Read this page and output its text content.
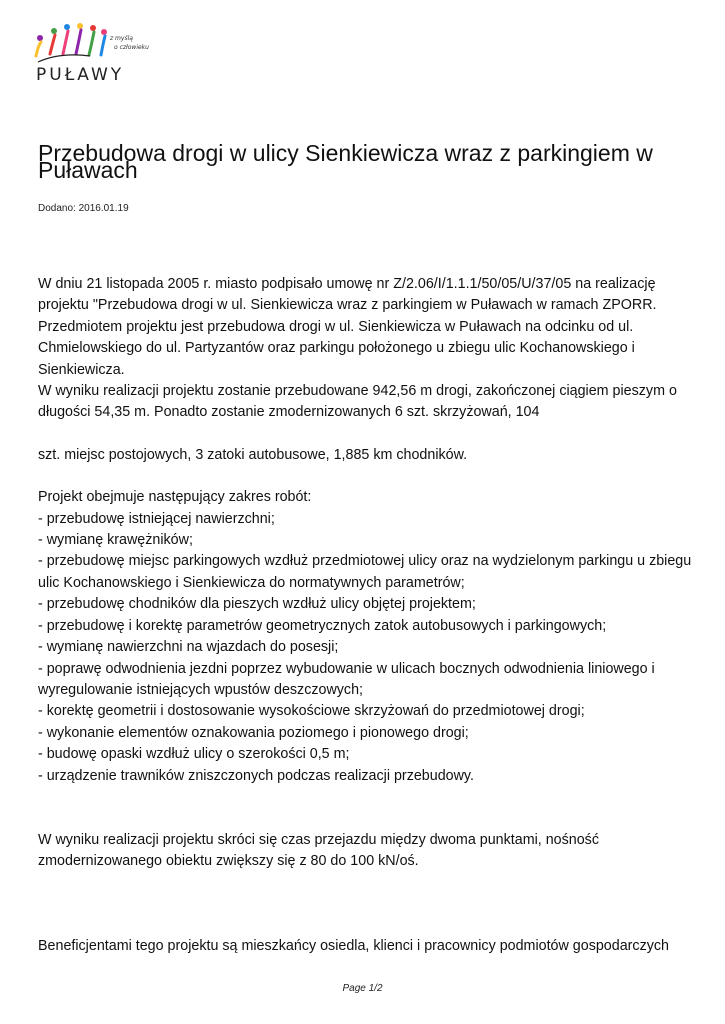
z myślą
o człowieku
PUŁAWY
Przebudowa drogi w ulicy Sienkiewicza wraz z parkingiem w Puławach
Dodano: 2016.01.19

W dniu 21 listopada 2005 r. miasto podpisało umowę nr Z/2.06/I/1.1.1/50/05/U/37/05 na realizację projektu "Przebudowa drogi w ul. Sienkiewicza wraz z parkingiem w Puławach w ramach ZPORR. Przedmiotem projektu jest przebudowa drogi w ul. Sienkiewicza w Puławach na odcinku od ul. Chmielowskiego do ul. Partyzantów oraz parkingu położonego u zbiegu ulic Kochanowskiego i Sienkiewicza.

W wyniku realizacji projektu zostanie przebudowane 942,56 m drogi, zakończonej ciągiem pieszym o długości 54,35 m. Ponadto zostanie zmodernizowanych 6 szt. skrzyżowań, 104

szt. miejsc postojowych, 3 zatoki autobusowe, 1,885 km chodników.

Projekt obejmuje następujący zakres robót:

- przebudowę istniejącej nawierzchni;

- wymianę krawężników;

- przebudowę miejsc parkingowych wzdłuż przedmiotowej ulicy oraz na wydzielonym parkingu u zbiegu ulic Kochanowskiego i Sienkiewicza do normatywnych parametrów;

- przebudowę chodników dla pieszych wzdłuż ulicy objętej projektem;

- przebudowę i korektę parametrów geometrycznych zatok autobusowych i parkingowych;

- wymianę nawierzchni na wjazdach do posesji;

- poprawę odwodnienia jezdni poprzez wybudowanie w ulicach bocznych odwodnienia liniowego i wyregulowanie istniejących wpustów deszczowych;

- korektę geometrii i dostosowanie wysokościowe skrzyżowań do przedmiotowej drogi;

- wykonanie elementów oznakowania poziomego i pionowego drogi;

- budowę opaski wzdłuż ulicy o szerokości 0,5 m;

- urządzenie trawników zniszczonych podczas realizacji przebudowy.

W wyniku realizacji projektu skróci się czas przejazdu między dwoma punktami, nośność zmodernizowanego obiektu zwiększy się z 80 do 100 kN/oś.

Beneficjentami tego projektu są mieszkańcy osiedla, klienci i pracownicy podmiotów gospodarczych

Page 1/2
